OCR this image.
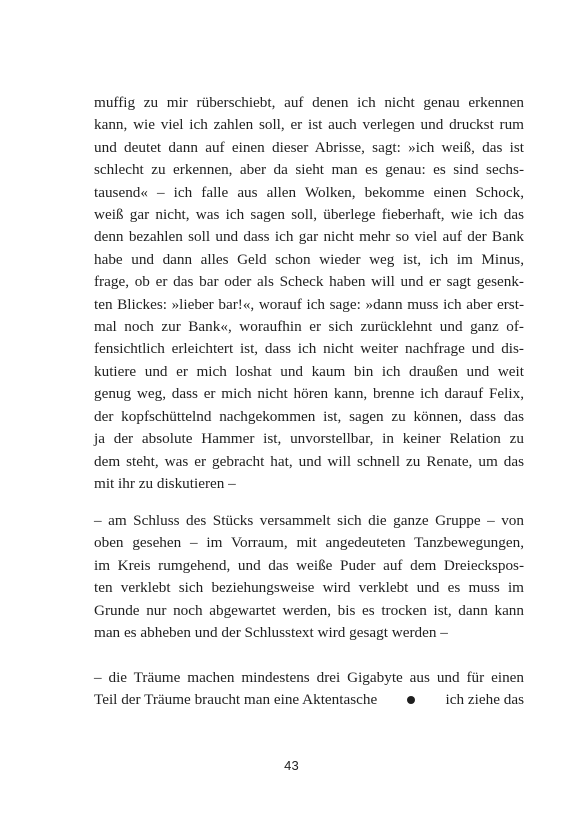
muffig zu mir rüberschiebt, auf denen ich nicht genau erkennen
kann, wie viel ich zahlen soll, er ist auch verlegen und druckst rum
und deutet dann auf einen dieser Abrisse, sagt: »ich weiß, das ist
schlecht zu erkennen, aber da sieht man es genau: es sind sechs-
tausend« – ich falle aus allen Wolken, bekomme einen Schock,
weiß gar nicht, was ich sagen soll, überlege fieberhaft, wie ich das
denn bezahlen soll und dass ich gar nicht mehr so viel auf der Bank
habe und dann alles Geld schon wieder weg ist, ich im Minus,
frage, ob er das bar oder als Scheck haben will und er sagt gesenk-
ten Blickes: »lieber bar!«, worauf ich sage: »dann muss ich aber erst-
mal noch zur Bank«, woraufhin er sich zurücklehnt und ganz of-
fensichtlich erleichtert ist, dass ich nicht weiter nachfrage und dis-
kutiere und er mich loshat und kaum bin ich draußen und weit
genug weg, dass er mich nicht hören kann, brenne ich darauf Felix,
der kopfschüttelnd nachgekommen ist, sagen zu können, dass das
ja der absolute Hammer ist, unvorstellbar, in keiner Relation zu
dem steht, was er gebracht hat, und will schnell zu Renate, um das
mit ihr zu diskutieren –
– am Schluss des Stücks versammelt sich die ganze Gruppe – von
oben gesehen – im Vorraum, mit angedeuteten Tanzbewegungen,
im Kreis rumgehend, und das weiße Puder auf dem Dreieckspos-
ten verklebt sich beziehungsweise wird verklebt und es muss im
Grunde nur noch abgewartet werden, bis es trocken ist, dann kann
man es abheben und der Schlusstext wird gesagt werden –
– die Träume machen mindestens drei Gigabyte aus und für einen
Teil der Träume braucht man eine Aktentasche	ich ziehe das
43
